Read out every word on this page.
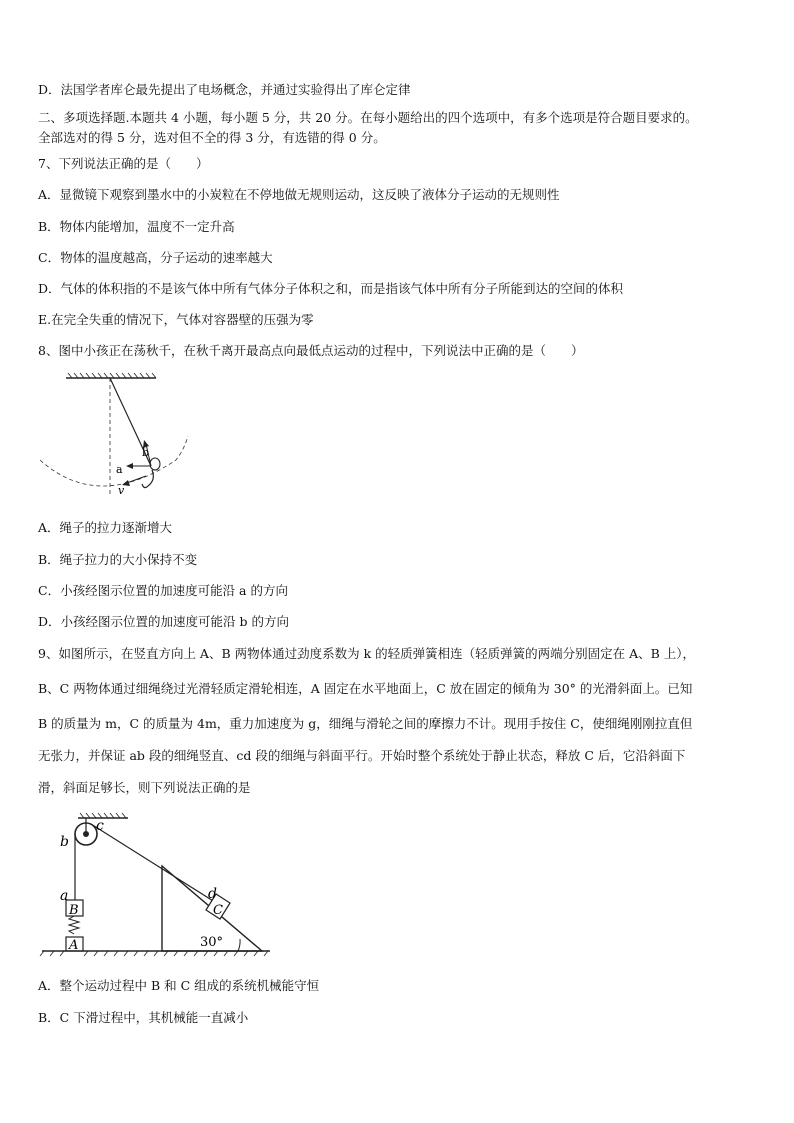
D．法国学者库仑最先提出了电场概念，并通过实验得出了库仑定律
二、多项选择题.本题共 4 小题，每小题 5 分，共 20 分。在每小题给出的四个选项中，有多个选项是符合题目要求的。
全部选对的得 5 分，选对但不全的得 3 分，有选错的得 0 分。
7、下列说法正确的是（　　）
A．显微镜下观察到墨水中的小炭粒在不停地做无规则运动，这反映了液体分子运动的无规则性
B．物体内能增加，温度不一定升高
C．物体的温度越高，分子运动的速率越大
D．气体的体积指的不是该气体中所有气体分子体积之和，而是指该气体中所有分子所能到达的空间的体积
E.在完全失重的情况下，气体对容器壁的压强为零
8、图中小孩正在荡秋千，在秋千离开最高点向最低点运动的过程中，下列说法中正确的是（　　）
b
a
v
A．绳子的拉力逐渐增大
B．绳子拉力的大小保持不变
C．小孩经图示位置的加速度可能沿 a 的方向
D．小孩经图示位置的加速度可能沿 b 的方向
9、如图所示，在竖直方向上 A、B 两物体通过劲度系数为 k 的轻质弹簧相连（轻质弹簧的两端分别固定在 A、B 上），
B、C 两物体通过细绳绕过光滑轻质定滑轮相连，A 固定在水平地面上，C 放在固定的倾角为 30° 的光滑斜面上。已知
B 的质量为 m，C 的质量为 4m，重力加速度为 g，细绳与滑轮之间的摩擦力不计。现用手按住 C，使细绳刚刚拉直但
无张力，并保证 ab 段的细绳竖直、cd 段的细绳与斜面平行。开始时整个系统处于静止状态，释放 C 后，它沿斜面下
滑，斜面足够长，则下列说法正确的是
c
b
a
B
A
d
C
30°
A．整个运动过程中 B 和 C 组成的系统机械能守恒
B．C 下滑过程中，其机械能一直减小
